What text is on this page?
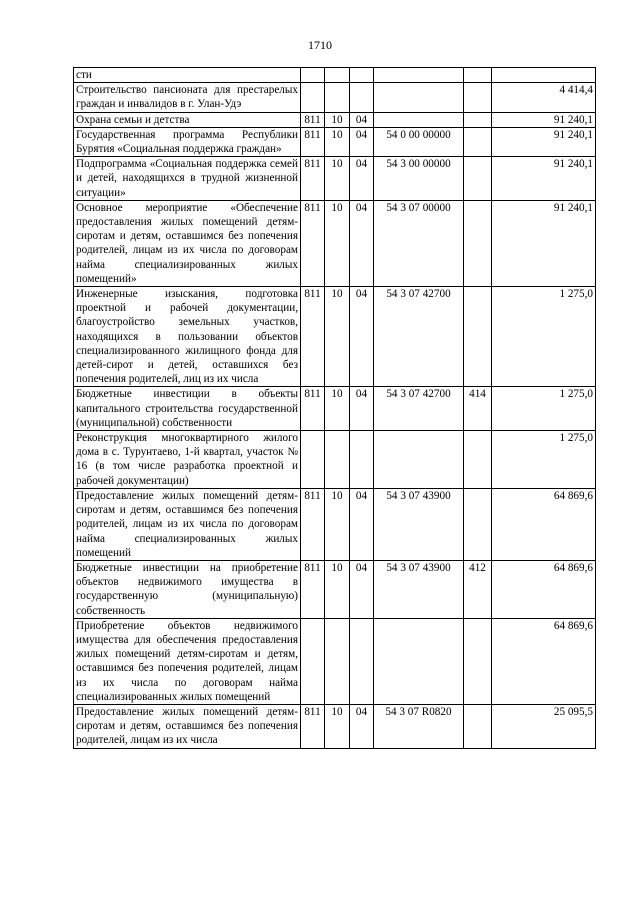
1710
сти						
Строительство пансионата для престарелых граждан и инвалидов в г. Улан-Удэ						4 414,4
Охрана семьи и детства	811	10	04			91 240,1
Государственная программа Республики Бурятия «Социальная поддержка граждан»	811	10	04	54 0 00 00000		91 240,1
Подпрограмма «Социальная поддержка семей и детей, находящихся в трудной жизненной ситуации»	811	10	04	54 3 00 00000		91 240,1
Основное мероприятие «Обеспечение предоставления жилых помещений детям-сиротам и детям, оставшимся без попечения родителей, лицам из их числа по договорам найма специализированных жилых помещений»	811	10	04	54 3 07 00000		91 240,1
Инженерные изыскания, подготовка проектной и рабочей документации, благоустройство земельных участков, находящихся в пользовании объектов специализированного жилищного фонда для детей-сирот и детей, оставшихся без попечения родителей, лиц из их числа	811	10	04	54 3 07 42700		1 275,0
Бюджетные инвестиции в объекты капитального строительства государственной (муниципальной) собственности	811	10	04	54 3 07 42700	414	1 275,0
Реконструкция многоквартирного жилого дома в с. Турунтаево, 1-й квартал, участок № 16 (в том числе разработка проектной и рабочей документации)						1 275,0
Предоставление жилых помещений детям-сиротам и детям, оставшимся без попечения родителей, лицам из их числа по договорам найма специализированных жилых помещений	811	10	04	54 3 07 43900		64 869,6
Бюджетные инвестиции на приобретение объектов недвижимого имущества в государственную (муниципальную) собственность	811	10	04	54 3 07 43900	412	64 869,6
Приобретение объектов недвижимого имущества для обеспечения предоставления жилых помещений детям-сиротам и детям, оставшимся без попечения родителей, лицам из их числа по договорам найма специализированных жилых помещений						64 869,6
Предоставление жилых помещений детям-сиротам и детям, оставшимся без попечения родителей, лицам из их числа	811	10	04	54 3 07 R0820		25 095,5
